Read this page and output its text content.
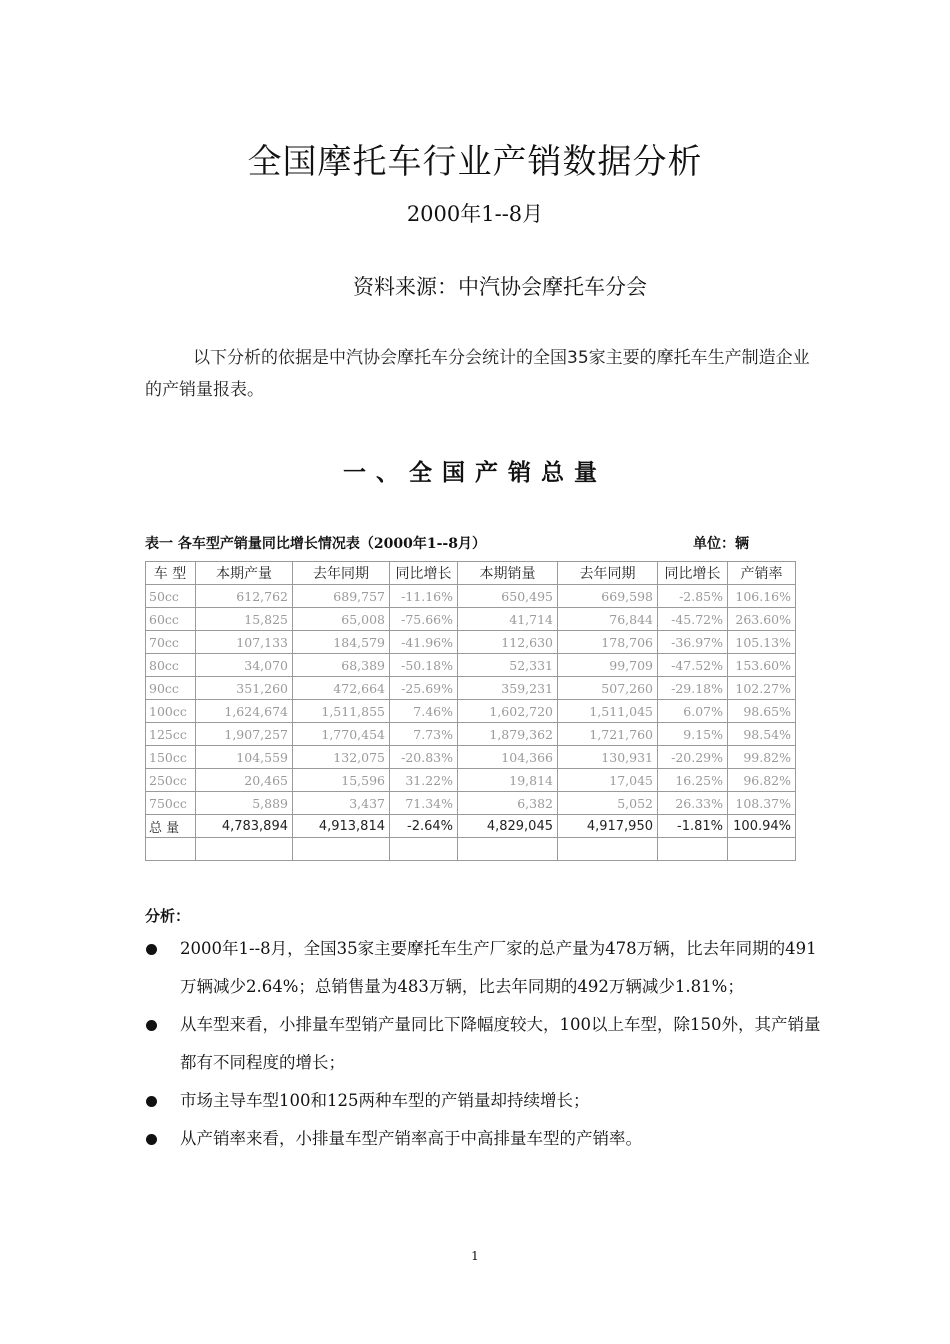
全国摩托车行业产销数据分析
2000年1--8月
资料来源：中汽协会摩托车分会
以下分析的依据是中汽协会摩托车分会统计的全国35家主要的摩托车生产制造企业的产销量报表。
一、全国产销总量
表一 各车型产销量同比增长情况表（2000年1--8月）	单位：辆
车 型	本期产量	去年同期	同比增长	本期销量	去年同期	同比增长	产销率
50cc	612,762	689,757	-11.16%	650,495	669,598	-2.85%	106.16%
60cc	15,825	65,008	-75.66%	41,714	76,844	-45.72%	263.60%
70cc	107,133	184,579	-41.96%	112,630	178,706	-36.97%	105.13%
80cc	34,070	68,389	-50.18%	52,331	99,709	-47.52%	153.60%
90cc	351,260	472,664	-25.69%	359,231	507,260	-29.18%	102.27%
100cc	1,624,674	1,511,855	7.46%	1,602,720	1,511,045	6.07%	98.65%
125cc	1,907,257	1,770,454	7.73%	1,879,362	1,721,760	9.15%	98.54%
150cc	104,559	132,075	-20.83%	104,366	130,931	-20.29%	99.82%
250cc	20,465	15,596	31.22%	19,814	17,045	16.25%	96.82%
750cc	5,889	3,437	71.34%	6,382	5,052	26.33%	108.37%
总 量	4,783,894	4,913,814	-2.64%	4,829,045	4,917,950	-1.81%	100.94%

分析：
2000年1--8月，全国35家主要摩托车生产厂家的总产量为478万辆，比去年同期的491万辆减少2.64%；总销售量为483万辆，比去年同期的492万辆减少1.81%；
从车型来看，小排量车型销产量同比下降幅度较大，100以上车型，除150外，其产销量都有不同程度的增长；
市场主导车型100和125两种车型的产销量却持续增长；
从产销率来看，小排量车型产销率高于中高排量车型的产销率。
1
